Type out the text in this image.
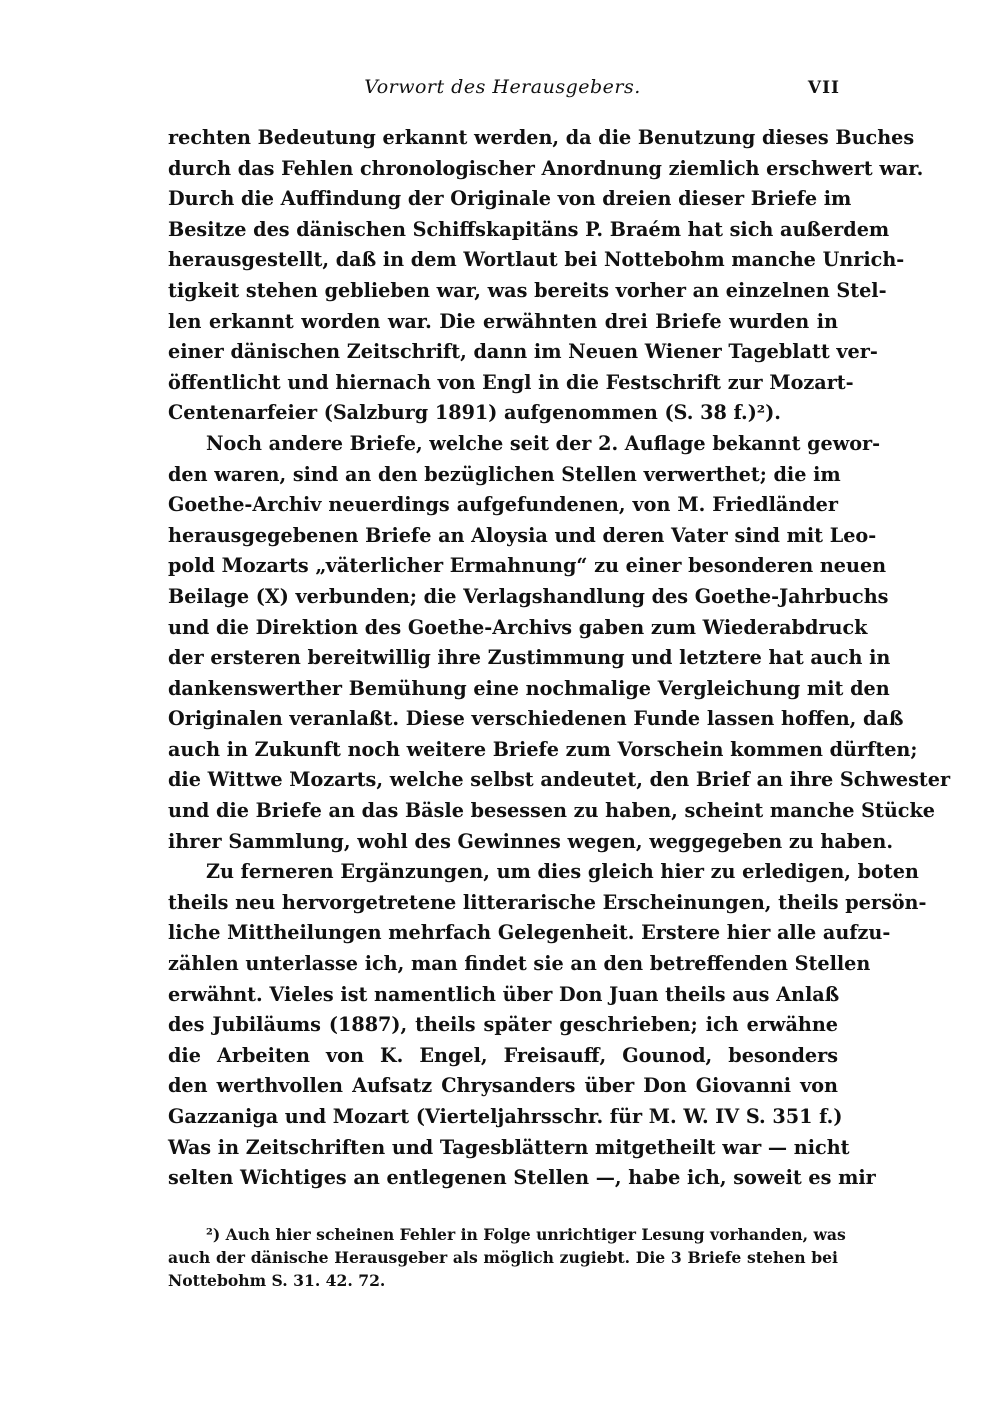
Vorwort des Herausgebers.	VII
rechten Bedeutung erkannt werden, da die Benutzung dieses Buches
durch das Fehlen chronologischer Anordnung ziemlich erschwert war.
Durch die Auffindung der Originale von dreien dieser Briefe im
Besitze des dänischen Schiffskapitäns P. Braém hat sich außerdem
herausgestellt, daß in dem Wortlaut bei Nottebohm manche Unrich-
tigkeit stehen geblieben war, was bereits vorher an einzelnen Stel-
len erkannt worden war. Die erwähnten drei Briefe wurden in
einer dänischen Zeitschrift, dann im Neuen Wiener Tageblatt ver-
öffentlicht und hiernach von Engl in die Festschrift zur Mozart-
Centenarfeier (Salzburg 1891) aufgenommen (S. 38 f.)²).
Noch andere Briefe, welche seit der 2. Auflage bekannt gewor-
den waren, sind an den bezüglichen Stellen verwerthet; die im
Goethe-Archiv neuerdings aufgefundenen, von M. Friedländer
herausgegebenen Briefe an Aloysia und deren Vater sind mit Leo-
pold Mozarts „väterlicher Ermahnung“ zu einer besonderen neuen
Beilage (X) verbunden; die Verlagshandlung des Goethe-Jahrbuchs
und die Direktion des Goethe-Archivs gaben zum Wiederabdruck
der ersteren bereitwillig ihre Zustimmung und letztere hat auch in
dankenswerther Bemühung eine nochmalige Vergleichung mit den
Originalen veranlaßt. Diese verschiedenen Funde lassen hoffen, daß
auch in Zukunft noch weitere Briefe zum Vorschein kommen dürften;
die Wittwe Mozarts, welche selbst andeutet, den Brief an ihre Schwester
und die Briefe an das Bäsle besessen zu haben, scheint manche Stücke
ihrer Sammlung, wohl des Gewinnes wegen, weggegeben zu haben.
Zu ferneren Ergänzungen, um dies gleich hier zu erledigen, boten
theils neu hervorgetretene litterarische Erscheinungen, theils persön-
liche Mittheilungen mehrfach Gelegenheit. Erstere hier alle aufzu-
zählen unterlasse ich, man findet sie an den betreffenden Stellen
erwähnt. Vieles ist namentlich über Don Juan theils aus Anlaß
des Jubiläums (1887), theils später geschrieben; ich erwähne
die Arbeiten von K. Engel, Freisauff, Gounod, besonders
den werthvollen Aufsatz Chrysanders über Don Giovanni von
Gazzaniga und Mozart (Vierteljahrsschr. für M. W. IV S. 351 f.)
Was in Zeitschriften und Tagesblättern mitgetheilt war — nicht
selten Wichtiges an entlegenen Stellen —, habe ich, soweit es mir
²) Auch hier scheinen Fehler in Folge unrichtiger Lesung vorhanden, was
auch der dänische Herausgeber als möglich zugiebt. Die 3 Briefe stehen bei
Nottebohm S. 31. 42. 72.
